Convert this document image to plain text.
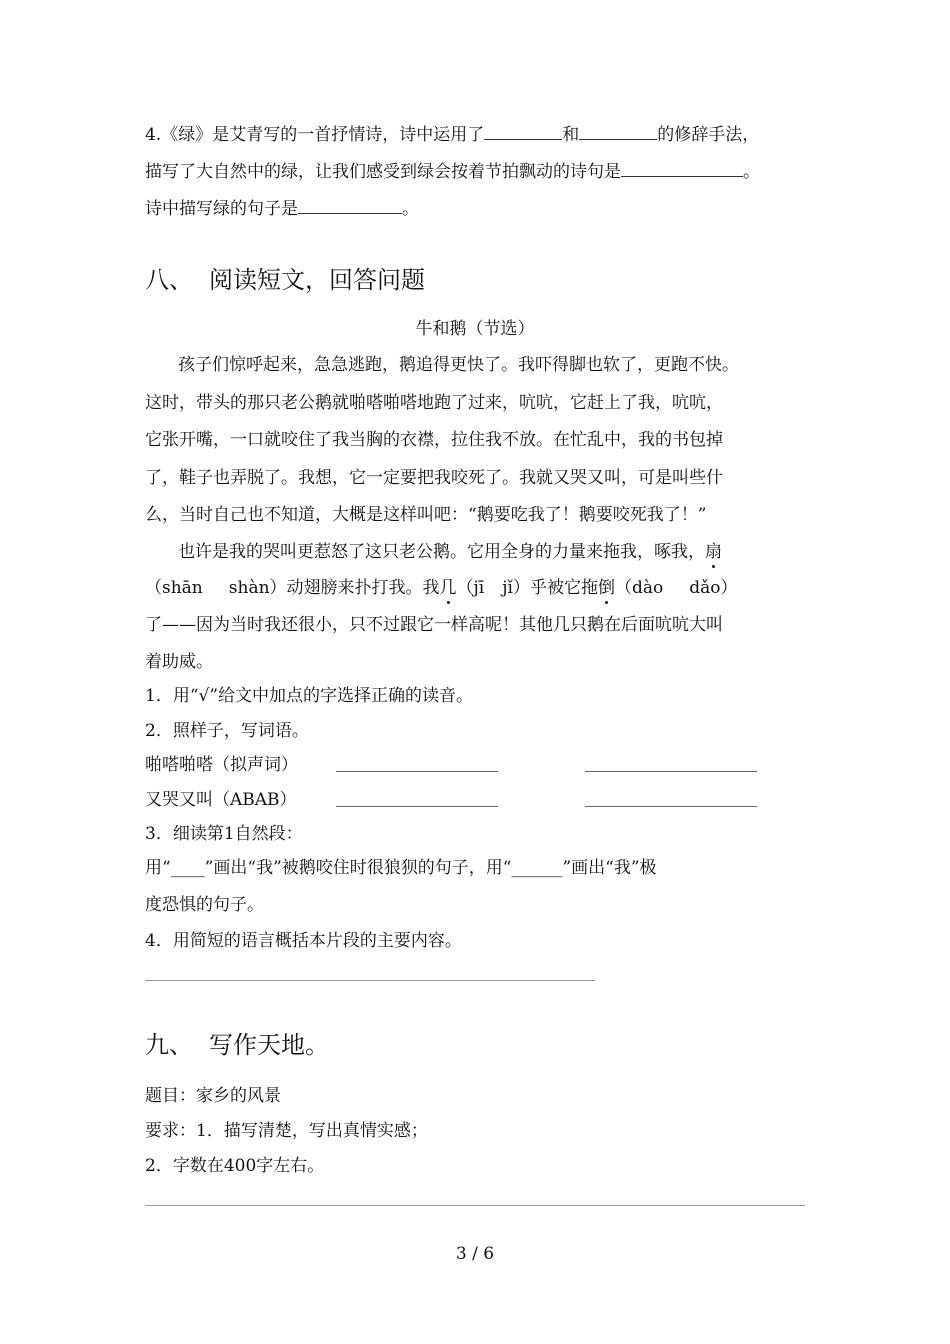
4.《绿》是艾青写的一首抒情诗，诗中运用了	和	的修辞手法，
描写了大自然中的绿，让我们感受到绿会按着节拍飘动的诗句是	。
诗中描写绿的句子是	。
八、 阅读短文，回答问题
牛和鹅（节选）
孩子们惊呼起来，急急逃跑，鹅追得更快了。我吓得脚也软了，更跑不快。
这时，带头的那只老公鹅就啪嗒啪嗒地跑了过来，吭吭，它赶上了我，吭吭，
它张开嘴，一口就咬住了我当胸的衣襟，拉住我不放。在忙乱中，我的书包掉
了，鞋子也弄脱了。我想，它一定要把我咬死了。我就又哭又叫，可是叫些什
么，当时自己也不知道，大概是这样叫吧：“鹅要吃我了！鹅要咬死我了！”
也许是我的哭叫更惹怒了这只老公鹅。它用全身的力量来拖我，啄我，扇
（shān shàn）动翅膀来扑打我。我几（jī jǐ）乎被它拖倒（dào dǎo）
了——因为当时我还很小，只不过跟它一样高呢！其他几只鹅在后面吭吭大叫
着助威。
1．用“√”给文中加点的字选择正确的读音。
2．照样子，写词语。
啪嗒啪嗒（拟声词）
又哭又叫（ABAB）
3．细读第1自然段：
用“____”画出“我”被鹅咬住时很狼狈的句子，用“______”画出“我”极
度恐惧的句子。
4．用简短的语言概括本片段的主要内容。
九、 写作天地。
题目：家乡的风景
要求：1．描写清楚，写出真情实感；
2．字数在400字左右。
3 / 6
